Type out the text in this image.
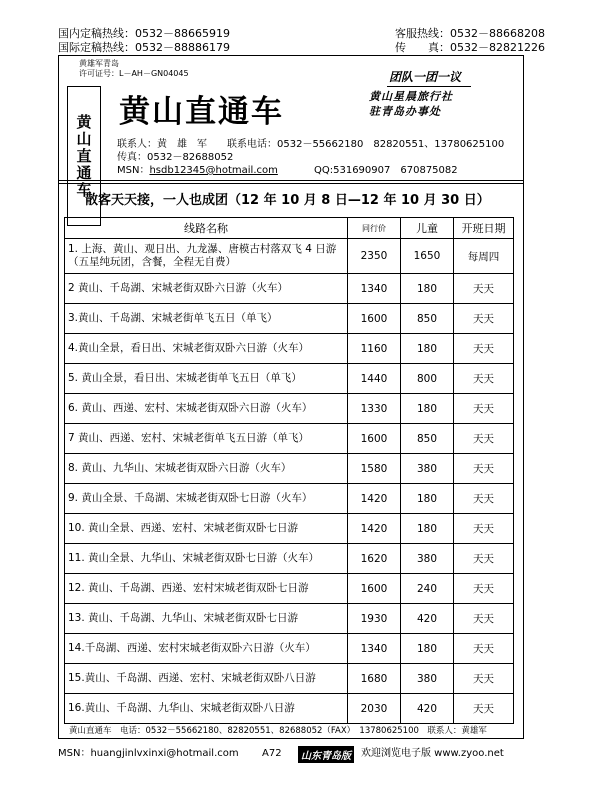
国内定稿热线：0532－88665919
国际定稿热线：0532－88886179
客服热线：0532－88668208
传　　真：0532－82821226
黄雄军青岛
许可证号：L－AH－GN04045
黄
山
直
通
车
黄山直通车
团队一团一议
黄山星晨旅行社
驻青岛办事处
联系人：黄　雄　军　　联系电话：0532－55662180　82820551、13780625100
传真：0532－82688052
MSN：hsdb12345@hotmail.com	QQ:531690907　670875082
散客天天接，一人也成团（12 年 10 月 8 日—12 年 10 月 30 日）
线路名称	同行价	儿童	开班日期
1. 上海、黄山、观日出、九龙瀑、唐模古村落双飞 4 日游（五星纯玩团，含餐，全程无自费）	2350	1650	每周四
2 黄山、千岛湖、宋城老街双卧六日游（火车）	1340	180	天天
3.黄山、千岛湖、宋城老街单飞五日（单飞）	1600	850	天天
4.黄山全景，看日出、宋城老街双卧六日游（火车）	1160	180	天天
5. 黄山全景，看日出、宋城老街单飞五日（单飞）	1440	800	天天
6. 黄山、西递、宏村、宋城老街双卧六日游（火车）	1330	180	天天
7 黄山、西递、宏村、宋城老街单飞五日游（单飞）	1600	850	天天
8. 黄山、九华山、宋城老街双卧六日游（火车）	1580	380	天天
9. 黄山全景、千岛湖、宋城老街双卧七日游（火车）	1420	180	天天
10. 黄山全景、西递、宏村、宋城老街双卧七日游	1420	180	天天
11. 黄山全景、九华山、宋城老街双卧七日游（火车）	1620	380	天天
12. 黄山、千岛湖、西递、宏村宋城老街双卧七日游	1600	240	天天
13. 黄山、千岛湖、九华山、宋城老街双卧七日游	1930	420	天天
14.千岛湖、西递、宏村宋城老街双卧六日游（火车）	1340	180	天天
15.黄山、千岛湖、西递、宏村、宋城老街双卧八日游	1680	380	天天
16.黄山、千岛湖、九华山、宋城老街双卧八日游	2030	420	天天
黄山直通车　电话：0532－55662180、82820551、82688052（FAX）　13780625100　联系人：黄雄军
MSN：huangjinlvxinxi@hotmail.com A72	山东青岛版	欢迎浏览电子版 www.zyoo.net
